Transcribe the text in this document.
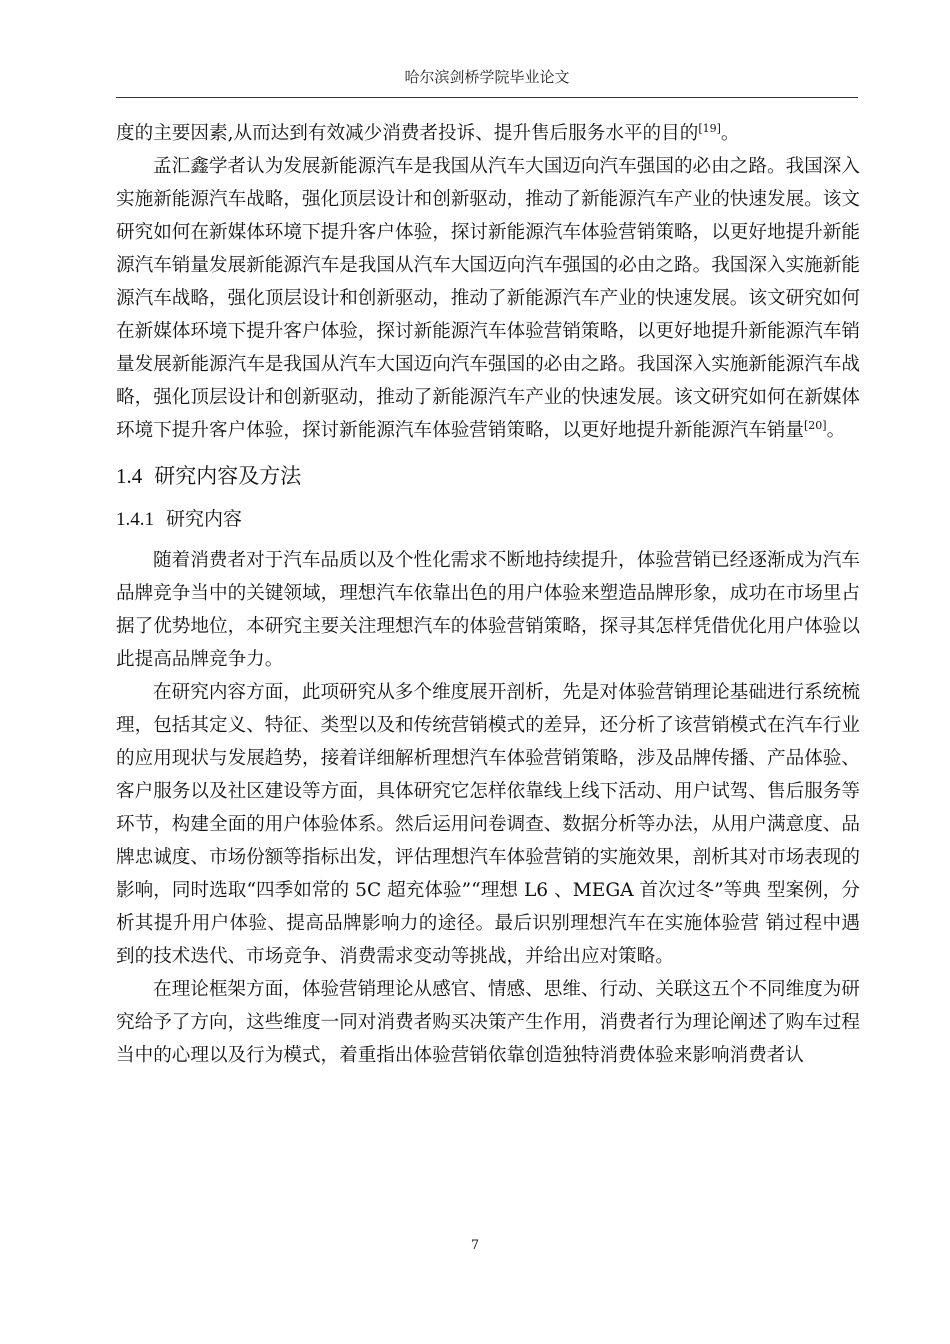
哈尔滨剑桥学院毕业论文

度的主要因素,从而达到有效减少消费者投诉、提升售后服务水平的目的[19]。

孟汇鑫学者认为发展新能源汽车是我国从汽车大国迈向汽车强国的必由之路。我国深入实施新能源汽车战略，强化顶层设计和创新驱动，推动了新能源汽车产业的快速发展。该文研究如何在新媒体环境下提升客户体验，探讨新能源汽车体验营销策略，以更好地提升新能源汽车销量发展新能源汽车是我国从汽车大国迈向汽车强国的必由之路。我国深入实施新能源汽车战略，强化顶层设计和创新驱动，推动了新能源汽车产业的快速发展。该文研究如何在新媒体环境下提升客户体验，探讨新能源汽车体验营销策略，以更好地提升新能源汽车销量发展新能源汽车是我国从汽车大国迈向汽车强国的必由之路。我国深入实施新能源汽车战略，强化顶层设计和创新驱动，推动了新能源汽车产业的快速发展。该文研究如何在新媒体环境下提升客户体验，探讨新能源汽车体验营销策略，以更好地提升新能源汽车销量[20]。

1.4 研究内容及方法
1.4.1 研究内容

随着消费者对于汽车品质以及个性化需求不断地持续提升，体验营销已经逐渐成为汽车品牌竞争当中的关键领域，理想汽车依靠出色的用户体验来塑造品牌形象，成功在市场里占据了优势地位，本研究主要关注理想汽车的体验营销策略，探寻其怎样凭借优化用户体验以此提高品牌竞争力。

在研究内容方面，此项研究从多个维度展开剖析，先是对体验营销理论基础进行系统梳理，包括其定义、特征、类型以及和传统营销模式的差异，还分析了该营销模式在汽车行业的应用现状与发展趋势，接着详细解析理想汽车体验营销策略，涉及品牌传播、产品体验、客户服务以及社区建设等方面，具体研究它怎样依靠线上线下活动、用户试驾、售后服务等环节，构建全面的用户体验体系。然后运用问卷调查、数据分析等办法，从用户满意度、品牌忠诚度、市场份额等指标出发，评估理想汽车体验营销的实施效果，剖析其对市场表现的影响，同时选取“四季如常的 5C 超充体验”“理想 L6 、MEGA 首次过冬”等典 型案例，分析其提升用户体验、提高品牌影响力的途径。最后识别理想汽车在实施体验营 销过程中遇到的技术迭代、市场竞争、消费需求变动等挑战，并给出应对策略。

在理论框架方面，体验营销理论从感官、情感、思维、行动、关联这五个不同维度为研究给予了方向，这些维度一同对消费者购买决策产生作用，消费者行为理论阐述了购车过程当中的心理以及行为模式，着重指出体验营销依靠创造独特消费体验来影响消费者认

7
